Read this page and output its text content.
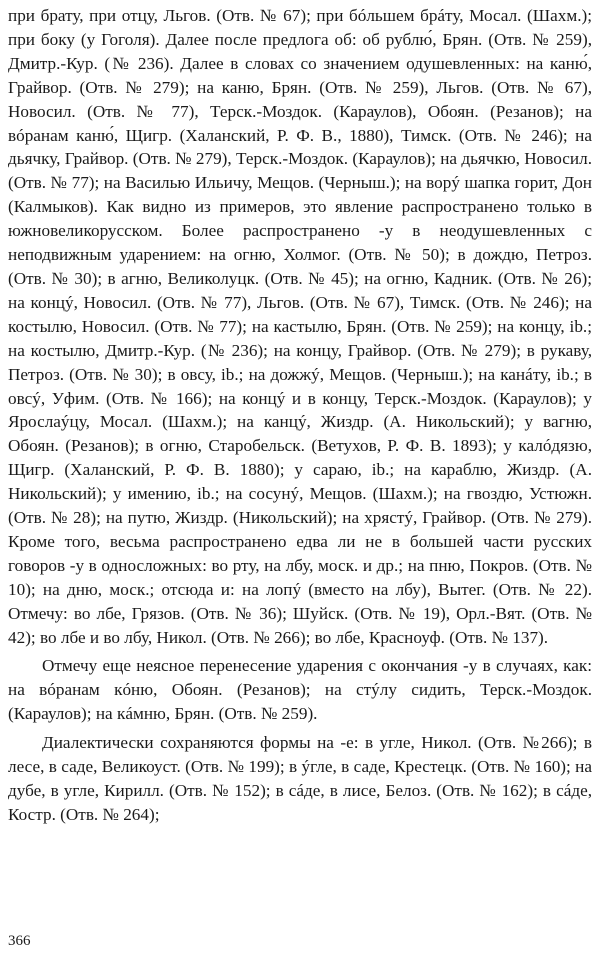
при брату, при отцу, Льгов. (Отв. № 67); при бóльшем брáту, Мосал. (Шахм.); при боку (у Гоголя). Далее после предлога об: об рублю́, Брян. (Отв. № 259), Дмитр.-Кур. (№ 236). Далее в словах со значением одушевленных: на каню́, Грайвор. (Отв. № 279); на каню, Брян. (Отв. № 259), Льгов. (Отв. № 67), Новосил. (Отв. № 77), Терск.-Моздок. (Караулов), Обоян. (Резанов); на вóранам каню́, Щигр. (Халанский, Р. Ф. В., 1880), Тимск. (Отв. № 246); на дьячку, Грайвор. (Отв. № 279), Терск.-Моздок. (Караулов); на дьячкю, Новосил. (Отв. № 77); на Василью Ильичу, Мещов. (Черныш.); на ворý шапка горит, Дон (Калмыков). Как видно из примеров, это явление распространено только в южновеликорусском. Более распространено -у в неодушевленных с неподвижным ударением: на огню, Холмог. (Отв. № 50); в дождю, Петроз. (Отв. № 30); в агню, Великолуцк. (Отв. № 45); на огню, Кадник. (Отв. № 26); на концý, Новосил. (Отв. № 77), Льгов. (Отв. № 67), Тимск. (Отв. № 246); на костылю, Новосил. (Отв. № 77); на кастылю, Брян. (Отв. № 259); на концу, ib.; на костылю, Дмитр.-Кур. (№ 236); на концу, Грайвор. (Отв. № 279); в рукаву, Петроз. (Отв. № 30); в овсу, ib.; на дожжý, Мещов. (Черныш.); на канáту, ib.; в овсý, Уфим. (Отв. № 166); на концý и в концу, Терск.-Моздок. (Караулов); у Ярослаýцу, Мосал. (Шахм.); на канцý, Жиздр. (А. Никольский); у вагню, Обоян. (Резанов); в огню, Старобельск. (Ветухов, Р. Ф. В. 1893); у калóдязю, Щигр. (Халанский, Р. Ф. В. 1880); у сараю, ib.; на караблю, Жиздр. (А. Никольский); у имению, ib.; на сосунý, Мещов. (Шахм.); на гвоздю, Устюжн. (Отв. № 28); на путю, Жиздр. (Никольский); на хрястý, Грайвор. (Отв. № 279). Кроме того, весьма распространено едва ли не в большей части русских говоров -у в односложных: во рту, на лбу, моск. и др.; на пню, Покров. (Отв. № 10); на дню, моск.; отсюда и: на лопý (вместо на лбу), Вытег. (Отв. № 22). Отмечу: во лбе, Грязов. (Отв. № 36); Шуйск. (Отв. № 19), Орл.-Вят. (Отв. № 42); во лбе и во лбу, Никол. (Отв. № 266); во лбе, Красноуф. (Отв. № 137).

Отмечу еще неясное перенесение ударения с окончания -у в случаях, как: на вóранам кóню, Обоян. (Резанов); на стýлу сидить, Терск.-Моздок. (Караулов); на кáмню, Брян. (Отв. № 259).

Диалектически сохраняются формы на -е: в угле, Никол. (Отв. №266); в лесе, в саде, Великоуст. (Отв. № 199); в ýгле, в саде, Крестецк. (Отв. № 160); на дубе, в угле, Кирилл. (Отв. № 152); в сáде, в лисе, Белоз. (Отв. № 162); в сáде, Костр. (Отв. № 264);

366
